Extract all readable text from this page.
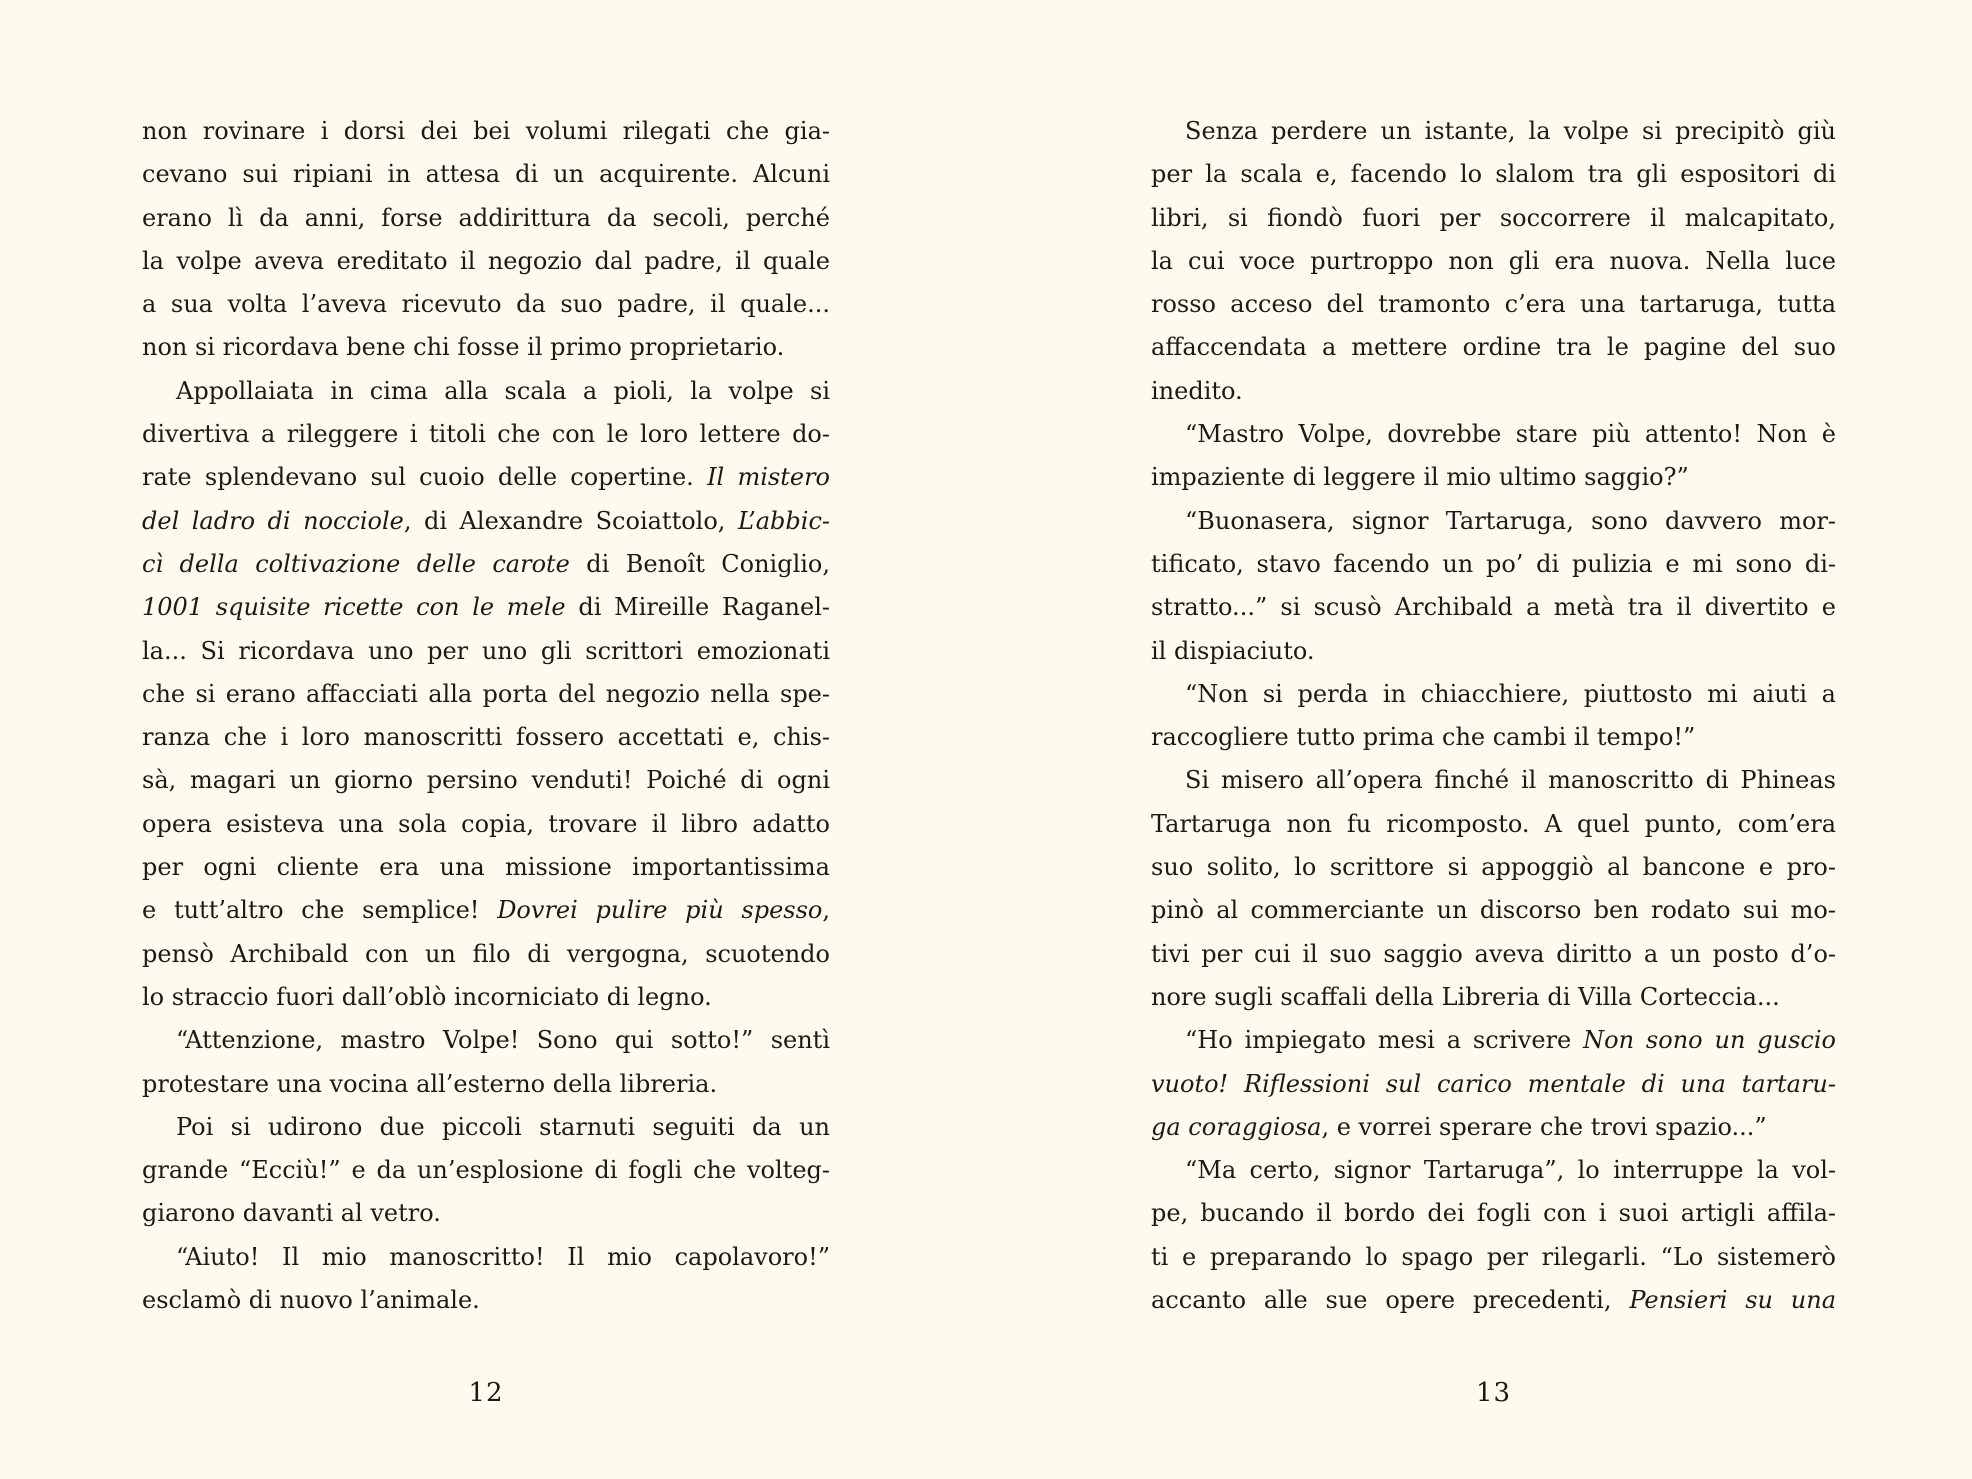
non rovinare i dorsi dei bei volumi rilegati che gia-
cevano sui ripiani in attesa di un acquirente. Alcuni
erano lì da anni, forse addirittura da secoli, perché
la volpe aveva ereditato il negozio dal padre, il quale
a sua volta l’aveva ricevuto da suo padre, il quale...
non si ricordava bene chi fosse il primo proprietario.
Appollaiata in cima alla scala a pioli, la volpe si
divertiva a rileggere i titoli che con le loro lettere do-
rate splendevano sul cuoio delle copertine. Il mistero
del ladro di nocciole, di Alexandre Scoiattolo, L’abbic-
cì della coltivazione delle carote di Benoît Coniglio,
1001 squisite ricette con le mele di Mireille Raganel-
la... Si ricordava uno per uno gli scrittori emozionati
che si erano affacciati alla porta del negozio nella spe-
ranza che i loro manoscritti fossero accettati e, chis-
sà, magari un giorno persino venduti! Poiché di ogni
opera esisteva una sola copia, trovare il libro adatto
per ogni cliente era una missione importantissima
e tutt’altro che semplice! Dovrei pulire più spesso,
pensò Archibald con un filo di vergogna, scuotendo
lo straccio fuori dall’oblò incorniciato di legno.
“Attenzione, mastro Volpe! Sono qui sotto!” sentì
protestare una vocina all’esterno della libreria.
Poi si udirono due piccoli starnuti seguiti da un
grande “Ecciù!” e da un’esplosione di fogli che volteg-
giarono davanti al vetro.
“Aiuto! Il mio manoscritto! Il mio capolavoro!”
esclamò di nuovo l’animale.
Senza perdere un istante, la volpe si precipitò giù
per la scala e, facendo lo slalom tra gli espositori di
libri, si fiondò fuori per soccorrere il malcapitato,
la cui voce purtroppo non gli era nuova. Nella luce
rosso acceso del tramonto c’era una tartaruga, tutta
affaccendata a mettere ordine tra le pagine del suo
inedito.
“Mastro Volpe, dovrebbe stare più attento! Non è
impaziente di leggere il mio ultimo saggio?”
“Buonasera, signor Tartaruga, sono davvero mor-
tificato, stavo facendo un po’ di pulizia e mi sono di-
stratto...” si scusò Archibald a metà tra il divertito e
il dispiaciuto.
“Non si perda in chiacchiere, piuttosto mi aiuti a
raccogliere tutto prima che cambi il tempo!”
Si misero all’opera finché il manoscritto di Phineas
Tartaruga non fu ricomposto. A quel punto, com’era
suo solito, lo scrittore si appoggiò al bancone e pro-
pinò al commerciante un discorso ben rodato sui mo-
tivi per cui il suo saggio aveva diritto a un posto d’o-
nore sugli scaffali della Libreria di Villa Corteccia...
“Ho impiegato mesi a scrivere Non sono un guscio
vuoto! Riflessioni sul carico mentale di una tartaru-
ga coraggiosa, e vorrei sperare che trovi spazio...”
“Ma certo, signor Tartaruga”, lo interruppe la vol-
pe, bucando il bordo dei fogli con i suoi artigli affila-
ti e preparando lo spago per rilegarli. “Lo sistemerò
accanto alle sue opere precedenti, Pensieri su una
12	13
